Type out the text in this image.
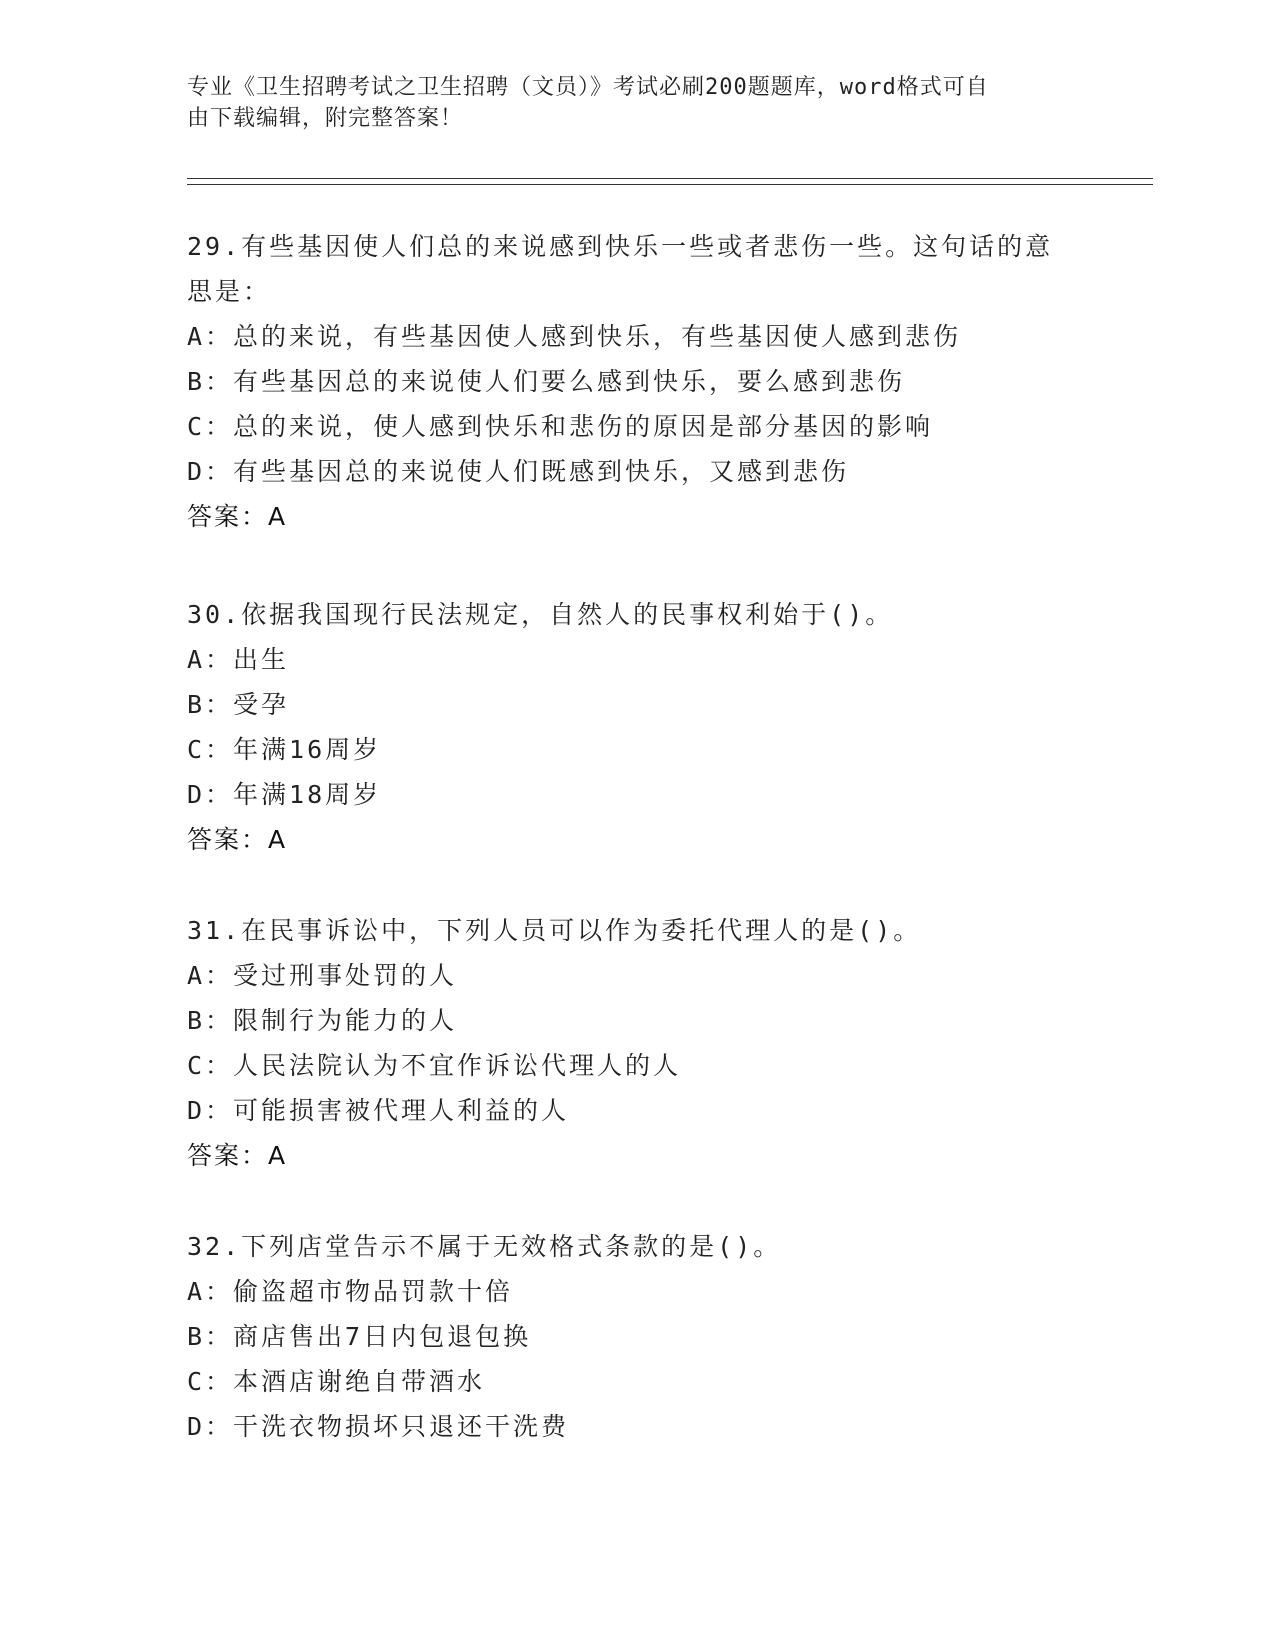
专业《卫生招聘考试之卫生招聘（文员）》考试必刷200题题库，word格式可自
由下载编辑，附完整答案！

29.有些基因使人们总的来说感到快乐一些或者悲伤一些。这句话的意

思是：

A：总的来说，有些基因使人感到快乐，有些基因使人感到悲伤

B：有些基因总的来说使人们要么感到快乐，要么感到悲伤

C：总的来说，使人感到快乐和悲伤的原因是部分基因的影响

D：有些基因总的来说使人们既感到快乐，又感到悲伤

答案：A

30.依据我国现行民法规定，自然人的民事权利始于()。

A：出生

B：受孕

C：年满16周岁

D：年满18周岁

答案：A

31.在民事诉讼中，下列人员可以作为委托代理人的是()。

A：受过刑事处罚的人

B：限制行为能力的人

C：人民法院认为不宜作诉讼代理人的人

D：可能损害被代理人利益的人

答案：A

32.下列店堂告示不属于无效格式条款的是()。

A：偷盗超市物品罚款十倍

B：商店售出7日内包退包换

C：本酒店谢绝自带酒水

D：干洗衣物损坏只退还干洗费
